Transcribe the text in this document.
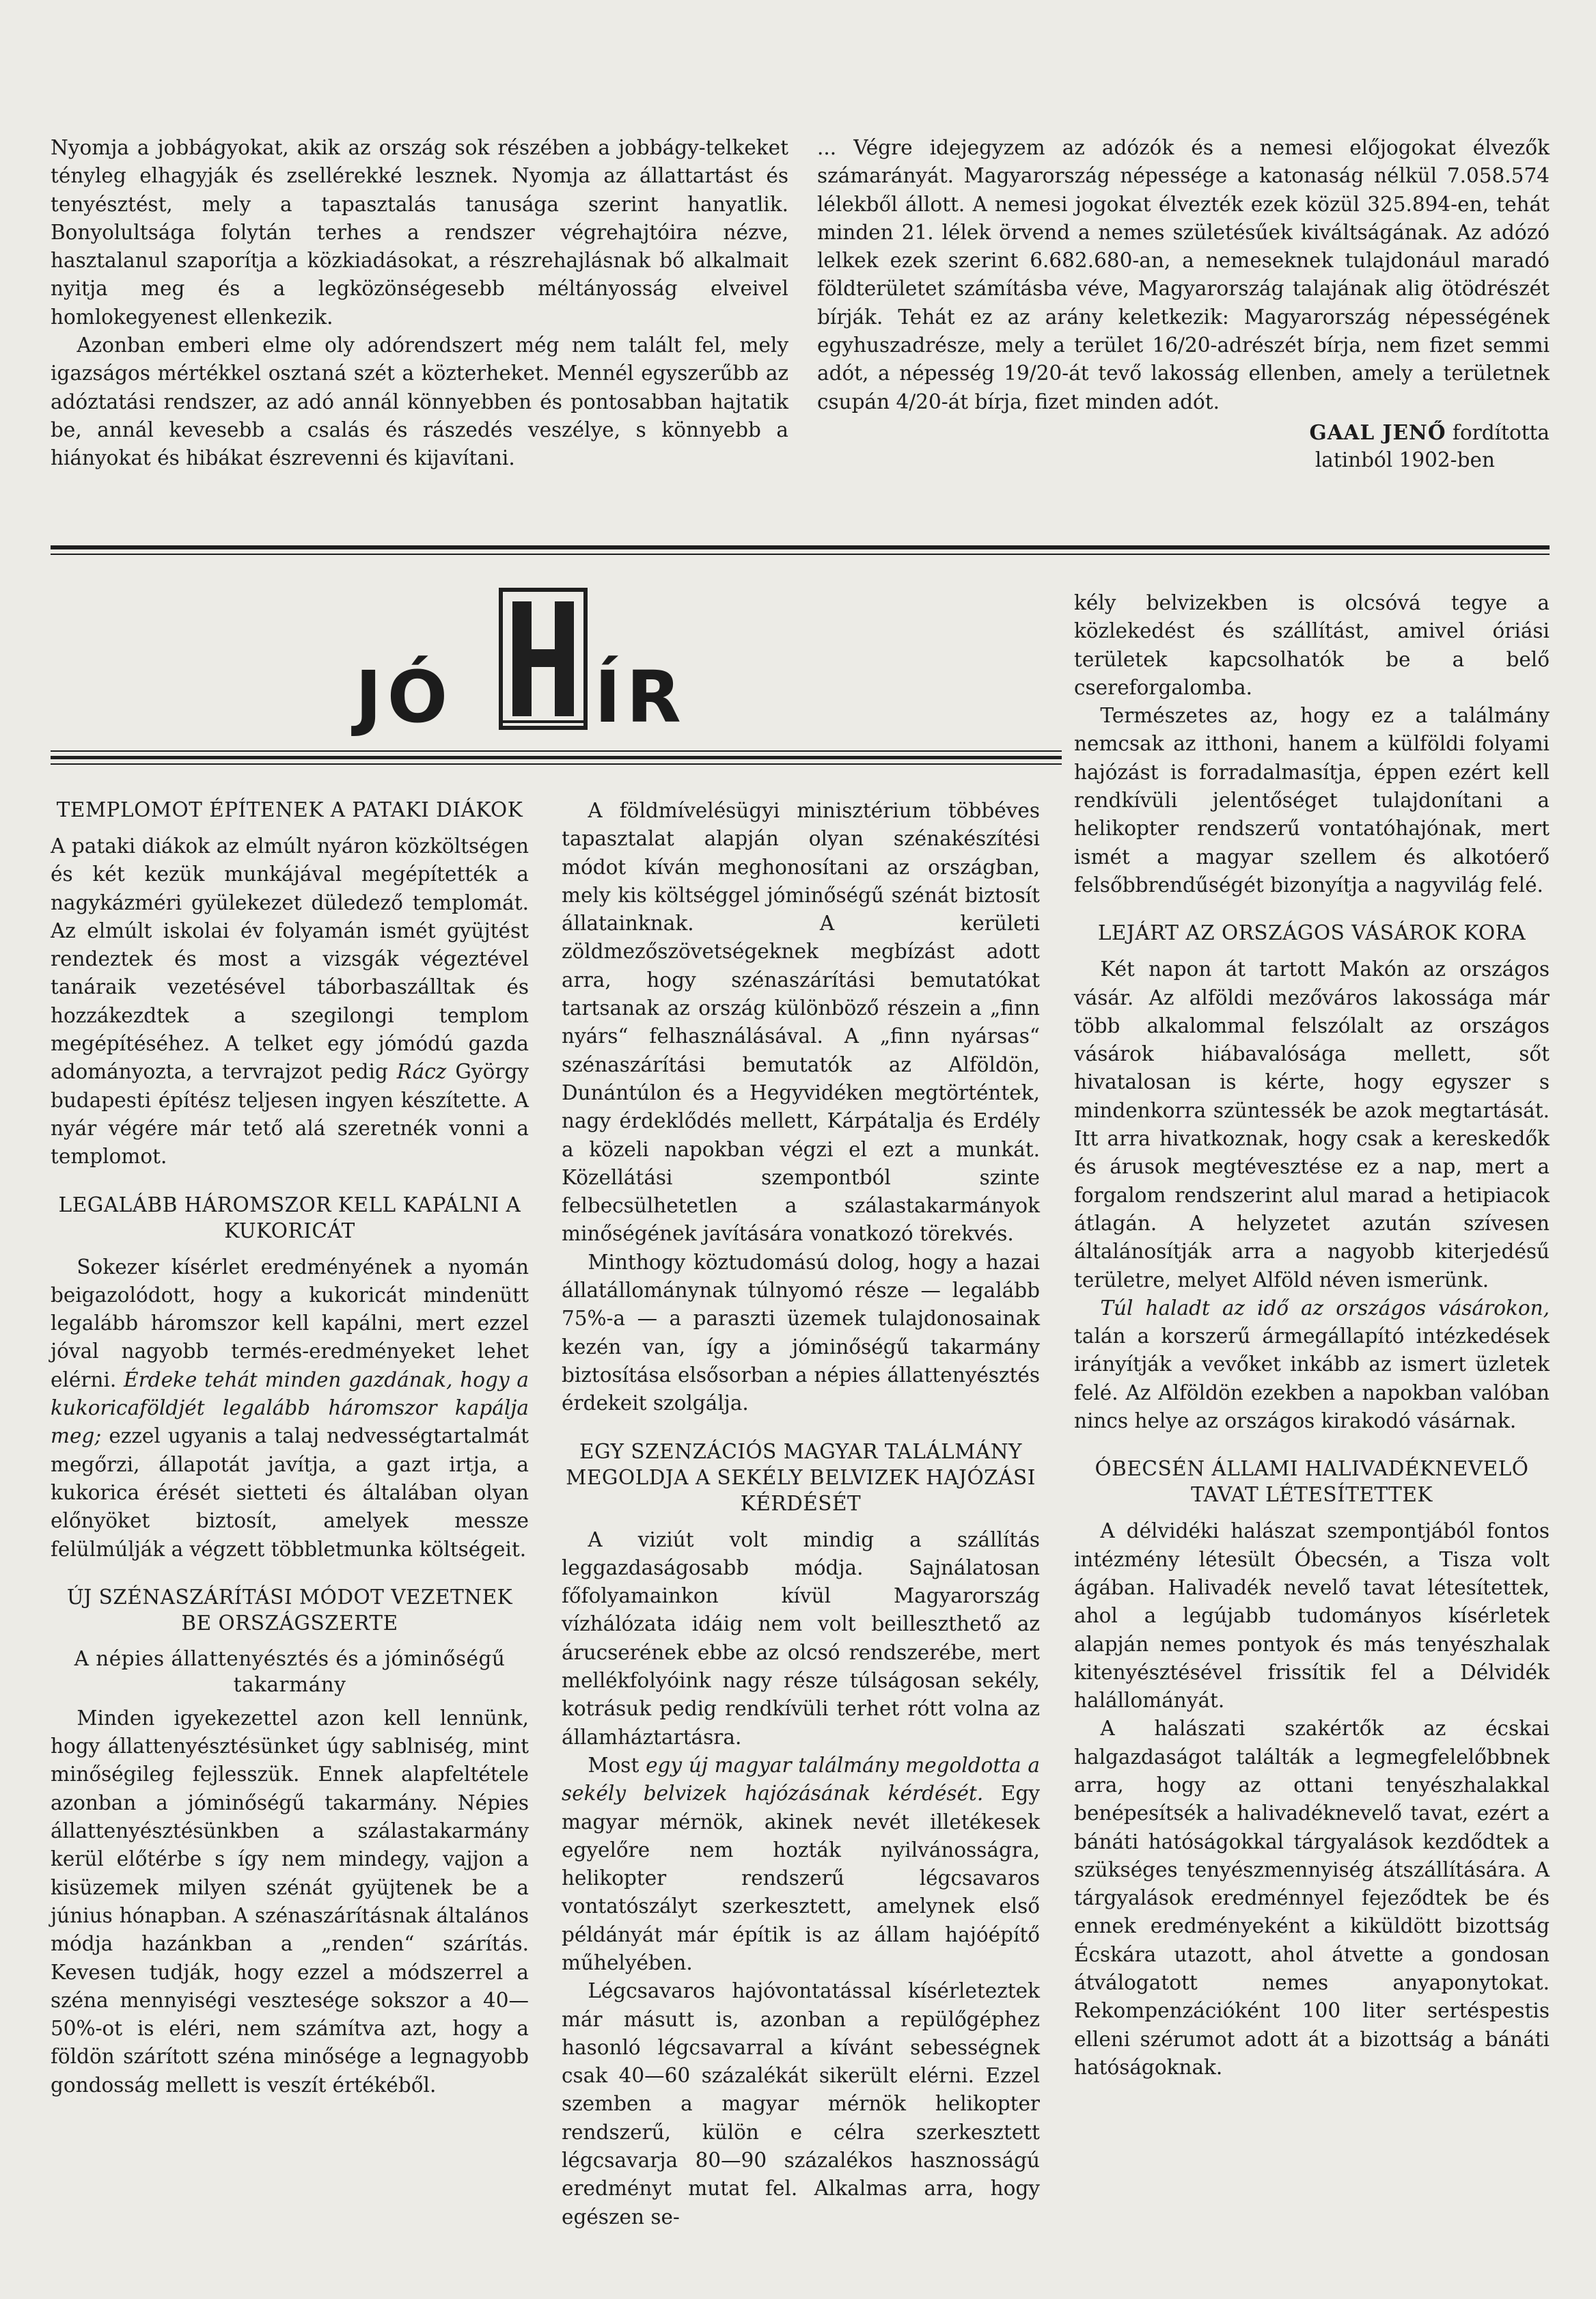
Nyomja a jobbágyokat, akik az ország sok részében a jobbágy-telkeket tényleg elhagyják és zsellérekké lesznek. Nyomja az állattartást és tenyésztést, mely a tapasztalás tanusága szerint hanyatlik. Bonyolultsága folytán terhes a rendszer végrehajtóira nézve, hasztalanul szaporítja a közkiadásokat, a részrehajlásnak bő alkalmait nyitja meg és a legközönségesebb méltányosság elveivel homlokegyenest ellenkezik.

Azonban emberi elme oly adórendszert még nem talált fel, mely igazságos mértékkel osztaná szét a közterheket. Mennél egyszerűbb az adóztatási rendszer, az adó annál könnyebben és pontosabban hajtatik be, annál kevesebb a csalás és rászedés veszélye, s könnyebb a hiányokat és hibákat észrevenni és kijavítani.

... Végre idejegyzem az adózók és a nemesi előjogokat élvezők számarányát. Magyarország népessége a katonaság nélkül 7.058.574 lélekből állott. A nemesi jogokat élvezték ezek közül 325.894-en, tehát minden 21. lélek örvend a nemes születésűek kiváltságának. Az adózó lelkek ezek szerint 6.682.680-an, a nemeseknek tulajdonául maradó földterületet számításba véve, Magyarország talajának alig ötödrészét bírják. Tehát ez az arány keletkezik: Magyarország népességének egyhuszadrésze, mely a terület 16/20-adrészét bírja, nem fizet semmi adót, a népesség 19/20-át tevő lakosság ellenben, amely a területnek csupán 4/20-át bírja, fizet minden adót.

GAAL JENŐ fordította
latinból 1902-ben
JÓ ÍR
TEMPLOMOT ÉPÍTENEK A PATAKI DIÁKOK

A pataki diákok az elmúlt nyáron közköltségen és két kezük munkájával megépítették a nagykázméri gyülekezet düledező templomát. Az elmúlt iskolai év folyamán ismét gyüjtést rendeztek és most a vizsgák végeztével tanáraik vezetésével táborbaszálltak és hozzákezdtek a szegilongi templom megépítéséhez. A telket egy jómódú gazda adományozta, a tervrajzot pedig Rácz György budapesti építész teljesen ingyen készítette. A nyár végére már tető alá szeretnék vonni a templomot.

LEGALÁBB HÁROMSZOR KELL KAPÁLNI A KUKORICÁT

Sokezer kísérlet eredményének a nyomán beigazolódott, hogy a kukoricát mindenütt legalább háromszor kell kapálni, mert ezzel jóval nagyobb termés-eredményeket lehet elérni. Érdeke tehát minden gazdának, hogy a kukoricaföldjét legalább háromszor kapálja meg; ezzel ugyanis a talaj nedvességtartalmát megőrzi, állapotát javítja, a gazt irtja, a kukorica érését sietteti és általában olyan előnyöket biztosít, amelyek messze felülmúlják a végzett többletmunka költségeit.

ÚJ SZÉNASZÁRÍTÁSI MÓDOT VEZETNEK BE ORSZÁGSZERTE
A népies állattenyésztés és a jóminőségű takarmány

Minden igyekezettel azon kell lennünk, hogy állattenyésztésünket úgy sablniség, mint minőségileg fejlesszük. Ennek alapfeltétele azonban a jóminőségű takarmány. Népies állattenyésztésünkben a szálastakarmány kerül előtérbe s így nem mindegy, vajjon a kisüzemek milyen szénát gyüjtenek be a június hónapban. A szénaszárításnak általános módja hazánkban a „renden“ szárítás. Kevesen tudják, hogy ezzel a módszerrel a széna mennyiségi vesztesége sokszor a 40—50%-ot is eléri, nem számítva azt, hogy a földön szárított széna minősége a legnagyobb gondosság mellett is veszít értékéből.

A földmívelésügyi minisztérium többéves tapasztalat alapján olyan szénakészítési módot kíván meghonosítani az országban, mely kis költséggel jóminőségű szénát biztosít állatainknak. A kerületi zöldmezőszövetségeknek megbízást adott arra, hogy szénaszárítási bemutatókat tartsanak az ország különböző részein a „finn nyárs“ felhasználásával. A „finn nyársas“ szénaszárítási bemutatók az Alföldön, Dunántúlon és a Hegyvidéken megtörténtek, nagy érdeklődés mellett, Kárpátalja és Erdély a közeli napokban végzi el ezt a munkát. Közellátási szempontból szinte felbecsülhetetlen a szálastakarmányok minőségének javítására vonatkozó törekvés.

Minthogy köztudomású dolog, hogy a hazai állatállománynak túlnyomó része — legalább 75%-a — a paraszti üzemek tulajdonosainak kezén van, így a jóminőségű takarmány biztosítása elsősorban a népies állattenyésztés érdekeit szolgálja.

EGY SZENZÁCIÓS MAGYAR TALÁLMÁNY MEGOLDJA A SEKÉLY BELVIZEK HAJÓZÁSI KÉRDÉSÉT

A viziút volt mindig a szállítás leggazdaságosabb módja. Sajnálatosan főfolyamainkon kívül Magyarország vízhálózata idáig nem volt beilleszthető az árucserének ebbe az olcsó rendszerébe, mert mellékfolyóink nagy része túlságosan sekély, kotrásuk pedig rendkívüli terhet rótt volna az államháztartásra.

Most egy új magyar találmány megoldotta a sekély belvizek hajózásának kérdését. Egy magyar mérnök, akinek nevét illetékesek egyelőre nem hozták nyilvánosságra, helikopter rendszerű légcsavaros vontatószályt szerkesztett, amelynek első példányát már építik is az állam hajóépítő műhelyében.

Légcsavaros hajóvontatással kísérleteztek már másutt is, azonban a repülőgéphez hasonló légcsavarral a kívánt sebességnek csak 40—60 százalékát sikerült elérni. Ezzel szemben a magyar mérnök helikopter rendszerű, külön e célra szerkesztett légcsavarja 80—90 százalékos hasznosságú eredményt mutat fel. Alkalmas arra, hogy egészen se-

kély belvizekben is olcsóvá tegye a közlekedést és szállítást, amivel óriási területek kapcsolhatók be a belő csereforgalomba.

Természetes az, hogy ez a találmány nemcsak az itthoni, hanem a külföldi folyami hajózást is forradalmasítja, éppen ezért kell rendkívüli jelentőséget tulajdonítani a helikopter rendszerű vontatóhajónak, mert ismét a magyar szellem és alkotóerő felsőbbrendűségét bizonyítja a nagyvilág felé.

LEJÁRT AZ ORSZÁGOS VÁSÁROK KORA

Két napon át tartott Makón az országos vásár. Az alföldi mezőváros lakossága már több alkalommal felszólalt az országos vásárok hiábavalósága mellett, sőt hivatalosan is kérte, hogy egyszer s mindenkorra szüntessék be azok megtartását. Itt arra hivatkoznak, hogy csak a kereskedők és árusok megtévesztése ez a nap, mert a forgalom rendszerint alul marad a hetipiacok átlagán. A helyzetet azután szívesen általánosítják arra a nagyobb kiterjedésű területre, melyet Alföld néven ismerünk.

Túl haladt az idő az országos vásárokon, talán a korszerű ármegállapító intézkedések irányítják a vevőket inkább az ismert üzletek felé. Az Alföldön ezekben a napokban valóban nincs helye az országos kirakodó vásárnak.

ÓBECSÉN ÁLLAMI HALIVADÉKNEVELŐ TAVAT LÉTESÍTETTEK

A délvidéki halászat szempontjából fontos intézmény létesült Óbecsén, a Tisza volt ágában. Halivadék nevelő tavat létesítettek, ahol a legújabb tudományos kísérletek alapján nemes pontyok és más tenyészhalak kitenyésztésével frissítik fel a Délvidék halállományát.

A halászati szakértők az écskai halgazdaságot találták a legmegfelelőbbnek arra, hogy az ottani tenyészhalakkal benépesítsék a halivadéknevelő tavat, ezért a bánáti hatóságokkal tárgyalások kezdődtek a szükséges tenyészmennyiség átszállítására. A tárgyalások eredménnyel fejeződtek be és ennek eredményeként a kiküldött bizottság Écskára utazott, ahol átvette a gondosan átválogatott nemes anyaponytokat. Rekompenzációként 100 liter sertéspestis elleni szérumot adott át a bizottság a bánáti hatóságoknak.
